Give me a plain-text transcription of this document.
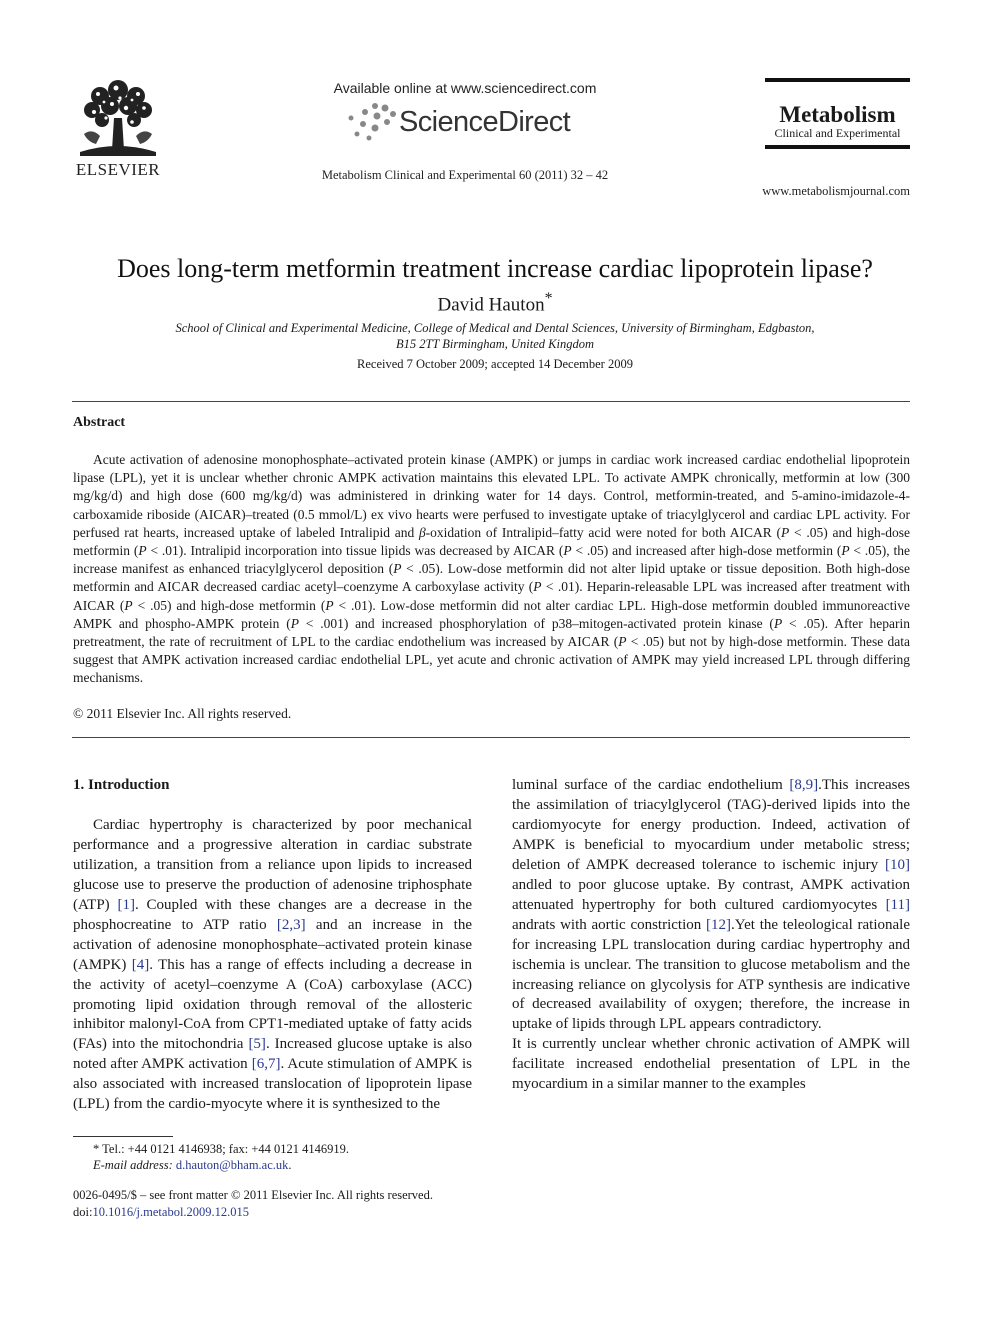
ELSEVIER
Available online at www.sciencedirect.com
ScienceDirect
Metabolism Clinical and Experimental 60 (2011) 32 – 42
Metabolism
Clinical and Experimental
www.metabolismjournal.com
Does long-term metformin treatment increase cardiac lipoprotein lipase?
David Hauton*
School of Clinical and Experimental Medicine, College of Medical and Dental Sciences, University of Birmingham, Edgbaston,
B15 2TT Birmingham, United Kingdom
Received 7 October 2009; accepted 14 December 2009
Abstract
Acute activation of adenosine monophosphate–activated protein kinase (AMPK) or jumps in cardiac work increased cardiac endothelial lipoprotein lipase (LPL), yet it is unclear whether chronic AMPK activation maintains this elevated LPL. To activate AMPK chronically, metformin at low (300 mg/kg/d) and high dose (600 mg/kg/d) was administered in drinking water for 14 days. Control, metformin-treated, and 5-amino-imidazole-4-carboxamide riboside (AICAR)–treated (0.5 mmol/L) ex vivo hearts were perfused to investigate uptake of triacylglycerol and cardiac LPL activity. For perfused rat hearts, increased uptake of labeled Intralipid and β-oxidation of Intralipid–fatty acid were noted for both AICAR (P < .05) and high-dose metformin (P < .01). Intralipid incorporation into tissue lipids was decreased by AICAR (P < .05) and increased after high-dose metformin (P < .05), the increase manifest as enhanced triacylglycerol deposition (P < .05). Low-dose metformin did not alter lipid uptake or tissue deposition. Both high-dose metformin and AICAR decreased cardiac acetyl–coenzyme A carboxylase activity (P < .01). Heparin-releasable LPL was increased after treatment with AICAR (P < .05) and high-dose metformin (P < .01). Low-dose metformin did not alter cardiac LPL. High-dose metformin doubled immunoreactive AMPK and phospho-AMPK protein (P < .001) and increased phosphorylation of p38–mitogen-activated protein kinase (P < .05). After heparin pretreatment, the rate of recruitment of LPL to the cardiac endothelium was increased by AICAR (P < .05) but not by high-dose metformin. These data suggest that AMPK activation increased cardiac endothelial LPL, yet acute and chronic activation of AMPK may yield increased LPL through differing mechanisms.
© 2011 Elsevier Inc. All rights reserved.
1. Introduction

Cardiac hypertrophy is characterized by poor mechanical performance and a progressive alteration in cardiac substrate utilization, a transition from a reliance upon lipids to increased glucose use to preserve the production of adenosine triphosphate (ATP) [1]. Coupled with these changes are a decrease in the phosphocreatine to ATP ratio [2,3] and an increase in the activation of adenosine monophosphate–activated protein kinase (AMPK) [4]. This has a range of effects including a decrease in the activity of acetyl–coenzyme A (CoA) carboxylase (ACC) promoting lipid oxidation through removal of the allosteric inhibitor malonyl-CoA from CPT1-mediated uptake of fatty acids (FAs) into the mitochondria [5]. Increased glucose uptake is also noted after AMPK activation [6,7]. Acute stimulation of AMPK is also associated with increased translocation of lipoprotein lipase (LPL) from the cardio-myocyte where it is synthesized to the

luminal surface of the cardiac endothelium [8,9].This increases the assimilation of triacylglycerol (TAG)-derived lipids into the cardiomyocyte for energy production. Indeed, activation of AMPK is beneficial to myocardium under metabolic stress; deletion of AMPK decreased tolerance to ischemic injury [10] andled to poor glucose uptake. By contrast, AMPK activation attenuated hypertrophy for both cultured cardiomyocytes [11] andrats with aortic constriction [12].Yet the teleological rationale for increasing LPL translocation during cardiac hypertrophy and ischemia is unclear. The transition to glucose metabolism and the increasing reliance on glycolysis for ATP synthesis are indicative of decreased availability of oxygen; therefore, the increase in uptake of lipids through LPL appears contradictory.

It is currently unclear whether chronic activation of AMPK will facilitate increased endothelial presentation of LPL in the myocardium in a similar manner to the examples

* Tel.: +44 0121 4146938; fax: +44 0121 4146919.
E-mail address: d.hauton@bham.ac.uk.
0026-0495/$ – see front matter © 2011 Elsevier Inc. All rights reserved.
doi:10.1016/j.metabol.2009.12.015
